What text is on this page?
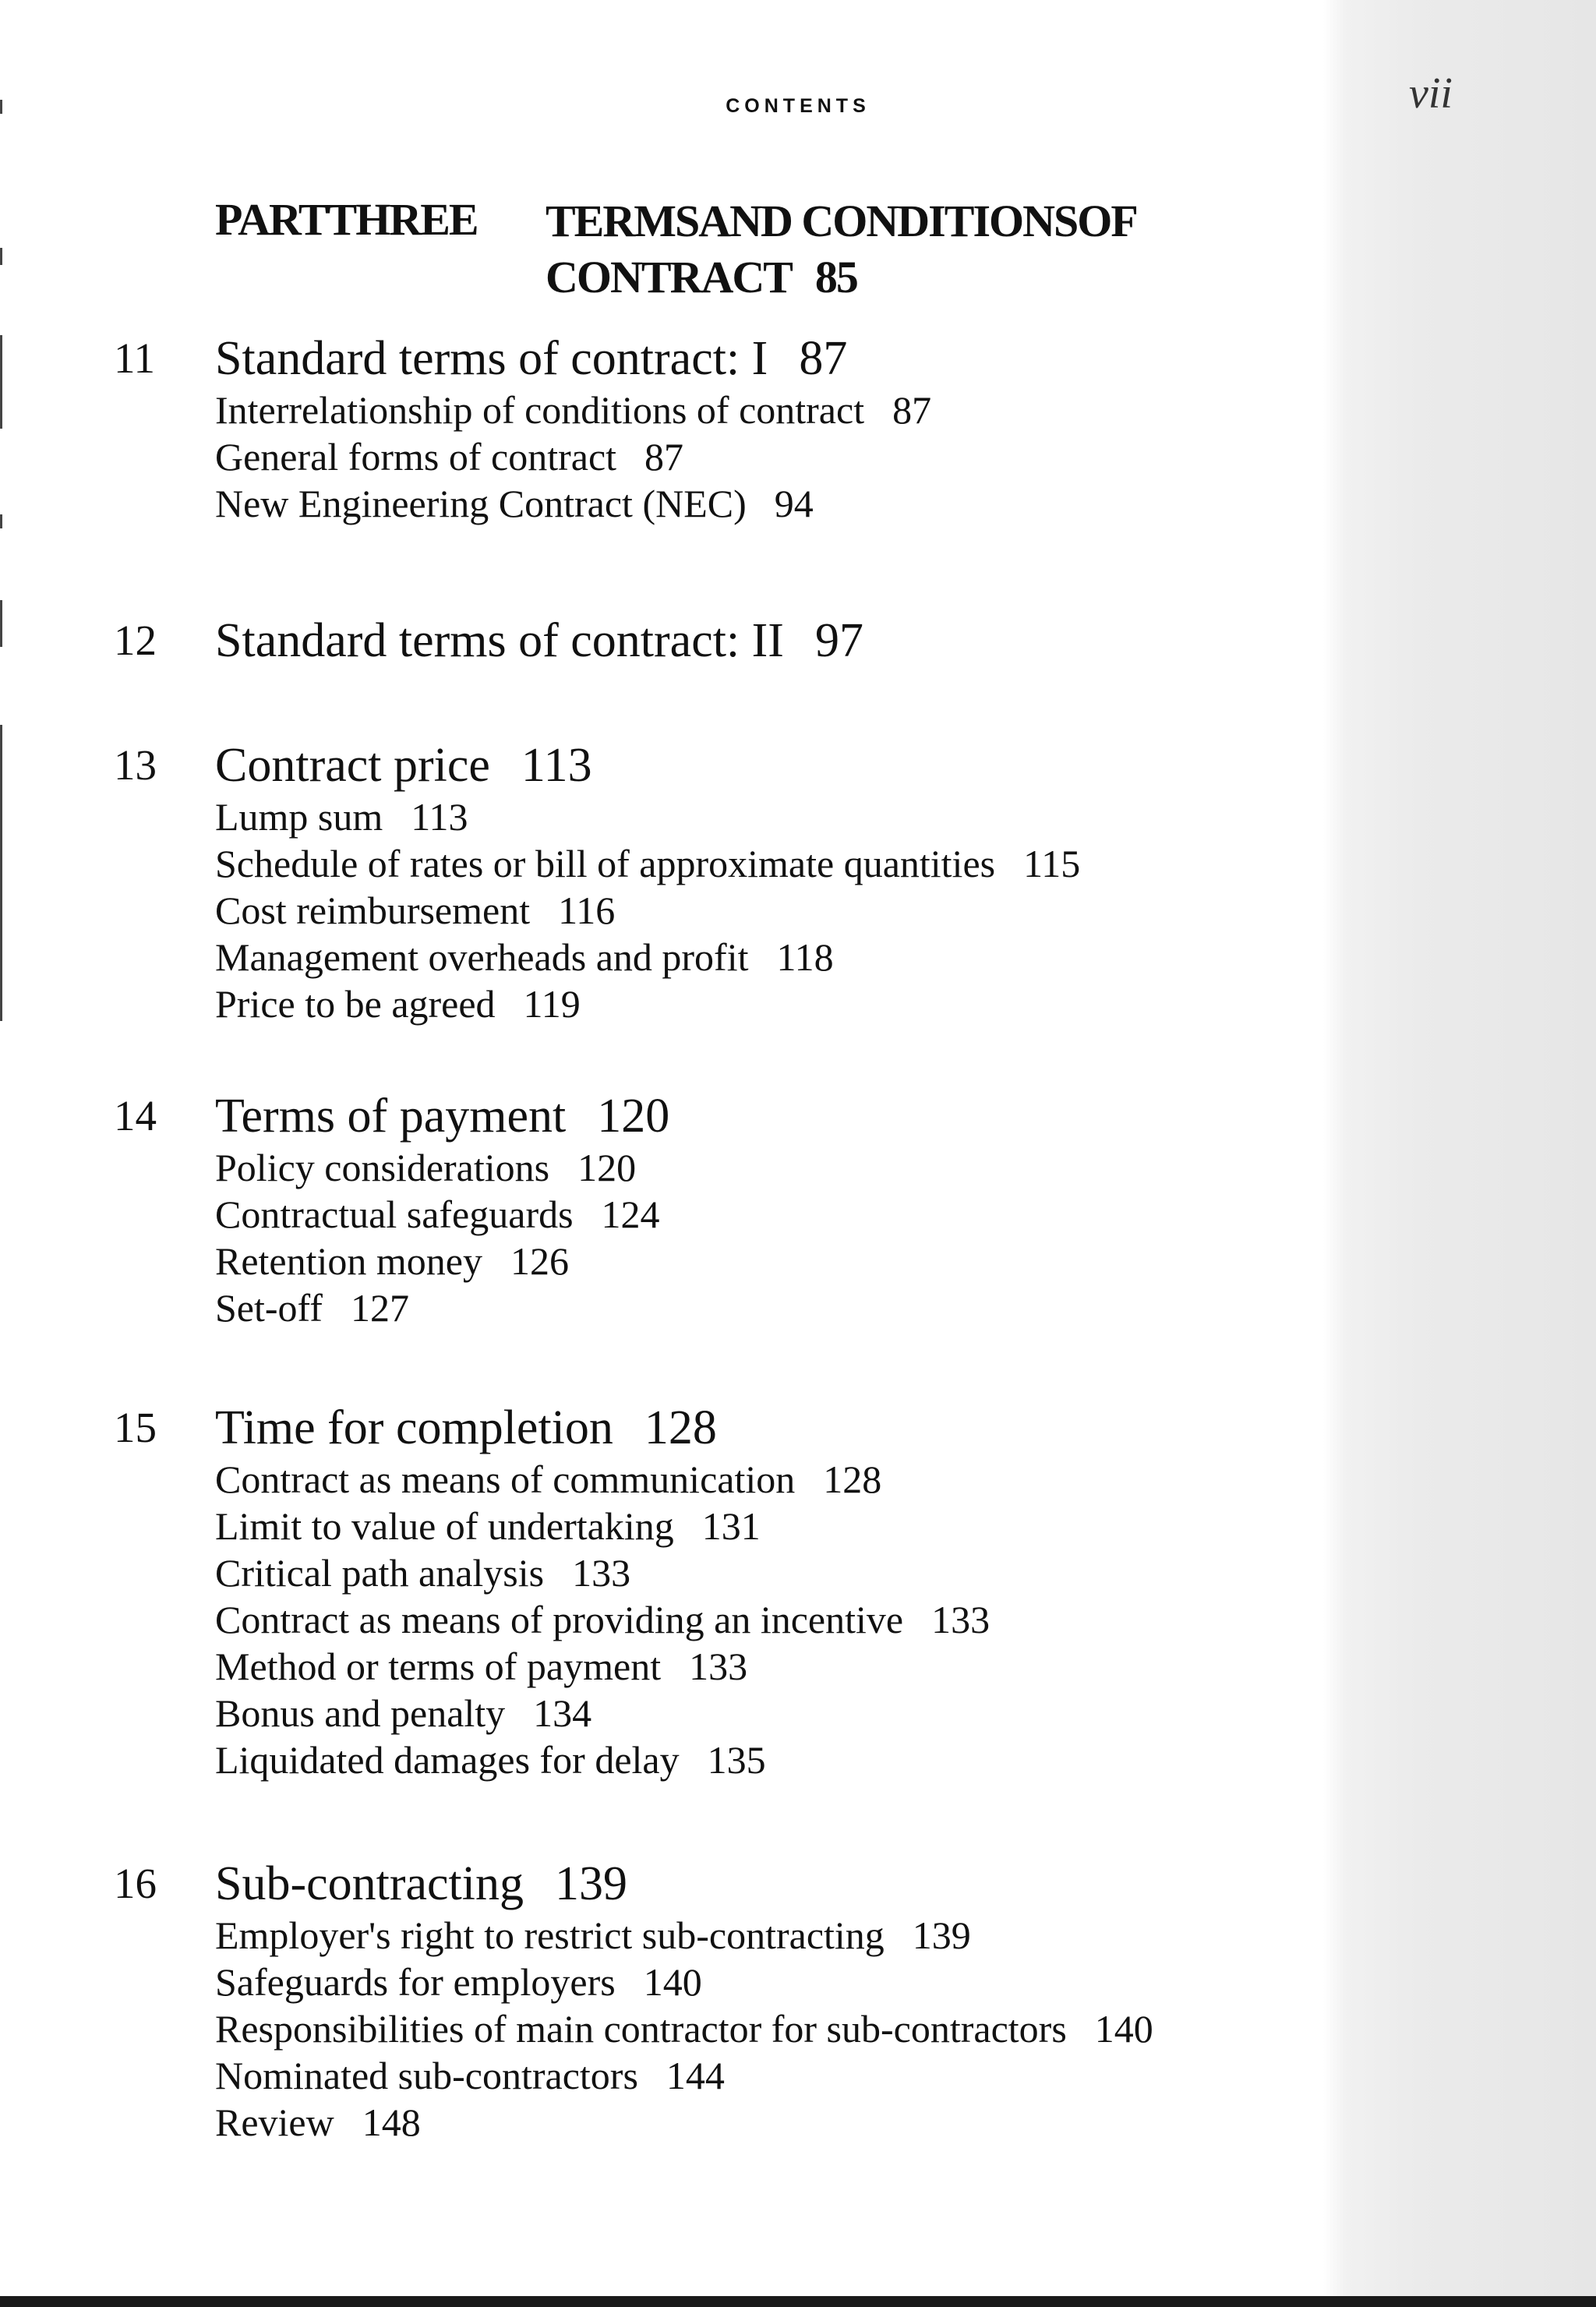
CONTENTS	vii
PARTTHREE TERMSAND CONDITIONSOF
CONTRACT 85
11 Standard terms of contract: I 87
Interrelationship of conditions of contract 87
General forms of contract 87
New Engineering Contract (NEC) 94
12 Standard terms of contract: II 97
13 Contract price 113
Lump sum 113
Schedule of rates or bill of approximate quantities 115
Cost reimbursement 116
Management overheads and profit 118
Price to be agreed 119
14 Terms of payment 120
Policy considerations 120
Contractual safeguards 124
Retention money 126
Set-off 127
15 Time for completion 128
Contract as means of communication 128
Limit to value of undertaking 131
Critical path analysis 133
Contract as means of providing an incentive 133
Method or terms of payment 133
Bonus and penalty 134
Liquidated damages for delay 135
16 Sub-contracting 139
Employer's right to restrict sub-contracting 139
Safeguards for employers 140
Responsibilities of main contractor for sub-contractors 140
Nominated sub-contractors 144
Review 148
